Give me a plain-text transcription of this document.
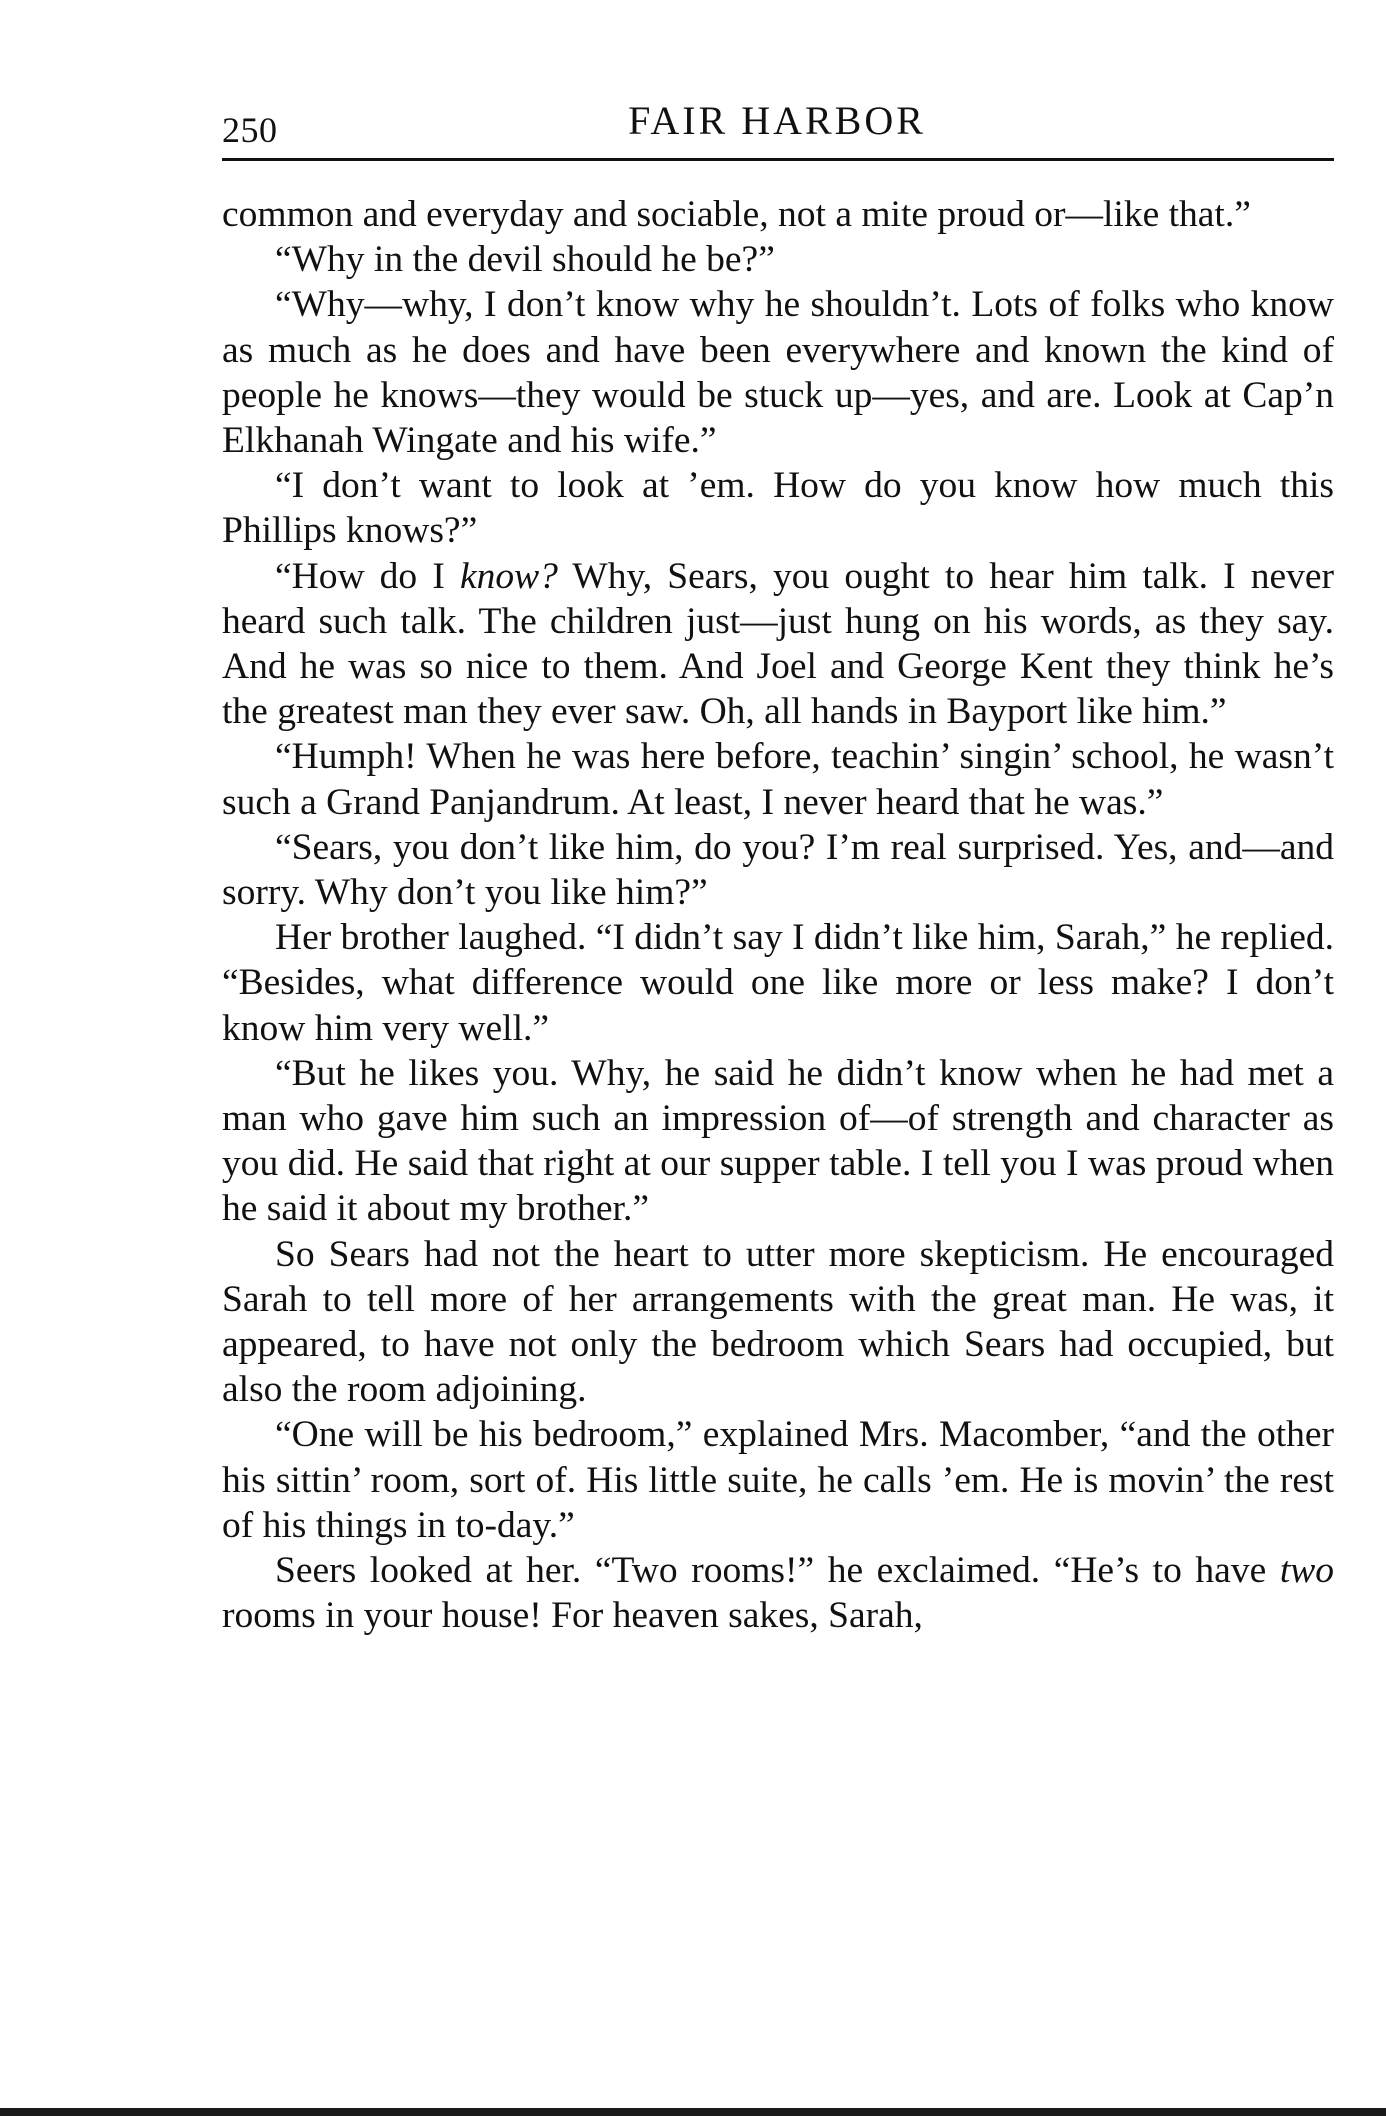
250	FAIR HARBOR

common and everyday and sociable, not a mite proud or—like that.”

“Why in the devil should he be?”

“Why—why, I don’t know why he shouldn’t. Lots of folks who know as much as he does and have been everywhere and known the kind of people he knows—they would be stuck up—yes, and are. Look at Cap’n Elkhanah Wingate and his wife.”

“I don’t want to look at ’em. How do you know how much this Phillips knows?”

“How do I know? Why, Sears, you ought to hear him talk. I never heard such talk. The children just—just hung on his words, as they say. And he was so nice to them. And Joel and George Kent they think he’s the greatest man they ever saw. Oh, all hands in Bayport like him.”

“Humph! When he was here before, teachin’ singin’ school, he wasn’t such a Grand Panjandrum. At least, I never heard that he was.”

“Sears, you don’t like him, do you? I’m real surprised. Yes, and—and sorry. Why don’t you like him?”

Her brother laughed. “I didn’t say I didn’t like him, Sarah,” he replied. “Besides, what difference would one like more or less make? I don’t know him very well.”

“But he likes you. Why, he said he didn’t know when he had met a man who gave him such an impression of—of strength and character as you did. He said that right at our supper table. I tell you I was proud when he said it about my brother.”

So Sears had not the heart to utter more skepticism. He encouraged Sarah to tell more of her arrangements with the great man. He was, it appeared, to have not only the bedroom which Sears had occupied, but also the room adjoining.

“One will be his bedroom,” explained Mrs. Macomber, “and the other his sittin’ room, sort of. His little suite, he calls ’em. He is movin’ the rest of his things in to-day.”

Seers looked at her. “Two rooms!” he exclaimed. “He’s to have two rooms in your house! For heaven sakes, Sarah,
